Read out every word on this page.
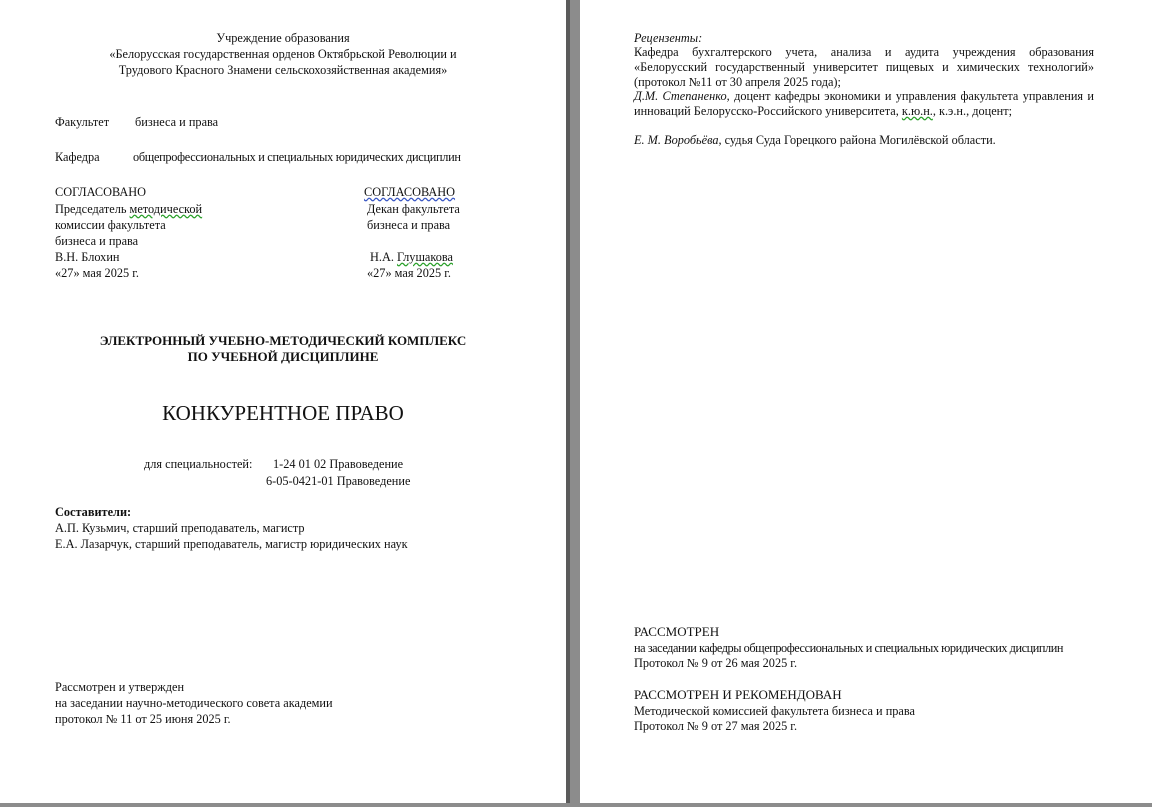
Учреждение образования
«Белорусская государственная орденов Октябрьской Революции и
Трудового Красного Знамени сельскохозяйственная академия»
Факультет бизнеса и права
Кафедра	общепрофессиональных и специальных юридических дисциплин
СОГЛАСОВАНО
Председатель методической
комиссии факультета
бизнеса и права
В.Н. Блохин
«27» мая 2025 г.
СОГЛАСОВАНО
Декан факультета
бизнеса и права
Н.А. Глушакова
«27» мая 2025 г.
ЭЛЕКТРОННЫЙ УЧЕБНО-МЕТОДИЧЕСКИЙ КОМПЛЕКС
ПО УЧЕБНОЙ ДИСЦИПЛИНЕ
КОНКУРЕНТНОЕ ПРАВО
для специальностей: 1-24 01 02 Правоведение
6-05-0421-01 Правоведение
Составители:
А.П. Кузьмич, старший преподаватель, магистр
Е.А. Лазарчук, старший преподаватель, магистр юридических наук
Рассмотрен и утвержден
на заседании научно-методического совета академии
протокол № 11 от 25 июня 2025 г.
Рецензенты:
Кафедра бухгалтерского учета, анализа и аудита учреждения образования «Белорусский государственный университет пищевых и химических технологий» (протокол №11 от 30 апреля 2025 года);
Д.М. Степаненко, доцент кафедры экономики и управления факультета управления и инноваций Белорусско-Российского университета, к.ю.н., к.э.н., доцент;
Е. М. Воробьёва, судья Суда Горецкого района Могилёвской области.
РАССМОТРЕН
на заседании кафедры общепрофессиональных и специальных юридических дисциплин
Протокол № 9 от 26 мая 2025 г.
РАССМОТРЕН И РЕКОМЕНДОВАН
Методической комиссией факультета бизнеса и права
Протокол № 9 от 27 мая 2025 г.
